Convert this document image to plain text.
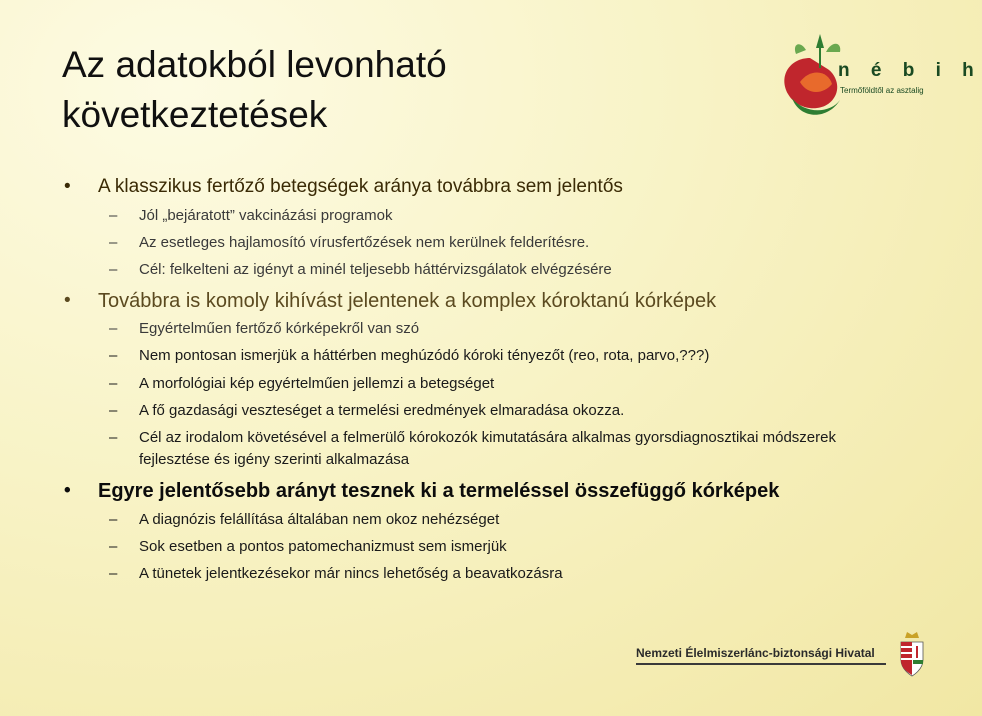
Az adatokból levonható
következtetések
n é b i h
Termőföldtől az asztalig
• A klasszikus fertőző betegségek aránya továbbra sem jelentős
– Jól „bejáratott” vakcinázási programok
– Az esetleges hajlamosító vírusfertőzések nem kerülnek felderítésre.
– Cél: felkelteni az igényt a minél teljesebb háttérvizsgálatok elvégzésére
• Továbbra is komoly kihívást jelentenek a komplex kóroktanú kórképek
– Egyértelműen fertőző kórképekről van szó
– Nem pontosan ismerjük a háttérben meghúzódó kóroki tényezőt (reo, rota, parvo,???)
– A morfológiai kép egyértelműen jellemzi a betegséget
– A fő gazdasági veszteséget a termelési eredmények elmaradása okozza.
– Cél az irodalom követésével a felmerülő kórokozók kimutatására alkalmas gyorsdiagnosztikai módszerek fejlesztése és igény szerinti alkalmazása
• Egyre jelentősebb arányt tesznek ki a termeléssel összefüggő kórképek
– A diagnózis felállítása általában nem okoz nehézséget
– Sok esetben a pontos patomechanizmust sem ismerjük
– A tünetek jelentkezésekor már nincs lehetőség a beavatkozásra
Nemzeti Élelmiszerlánc-biztonsági Hivatal
